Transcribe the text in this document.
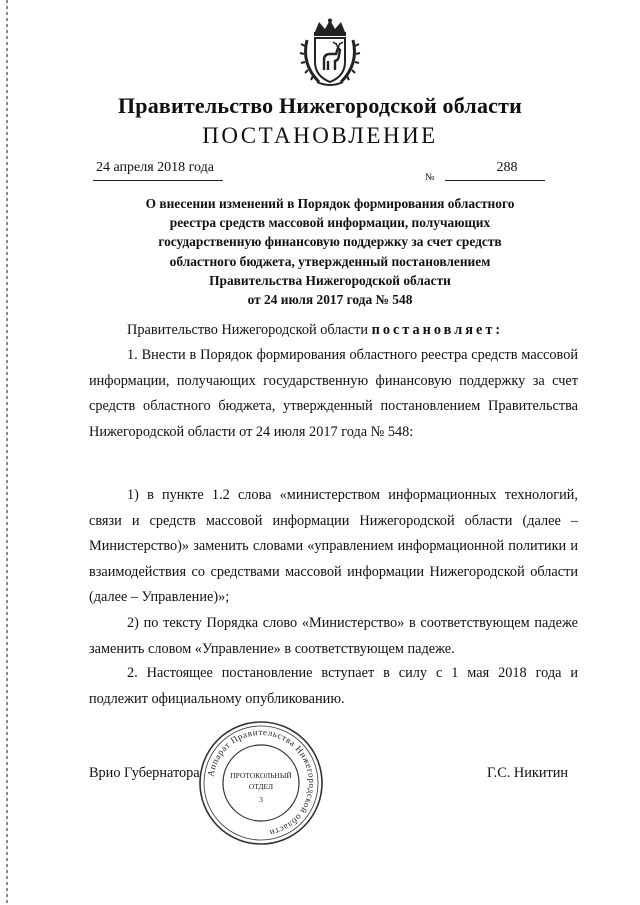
Правительство Нижегородской области
ПОСТАНОВЛЕНИЕ
24 апреля 2018 года
№
288
О внесении изменений в Порядок формирования областного
реестра средств массовой информации, получающих
государственную финансовую поддержку за счет средств
областного бюджета, утвержденный постановлением
Правительства Нижегородской области
от 24 июля 2017 года № 548

Правительство Нижегородской области постановляет:

1. Внести в Порядок формирования областного реестра средств массовой информации, получающих государственную финансовую поддержку за счет средств областного бюджета, утвержденный постановлением Правительства Нижегородской области от 24 июля 2017 года № 548:

1) в пункте 1.2 слова «министерством информационных технологий, связи и средств массовой информации Нижегородской области (далее – Министерство)» заменить словами «управлением информационной политики и взаимодействия со средствами массовой информации Нижегородской области (далее – Управление)»;

2) по тексту Порядка слово «Министерство» в соответствующем падеже заменить словом «Управление» в соответствующем падеже.

2. Настоящее постановление вступает в силу с 1 мая 2018 года и подлежит официальному опубликованию.

Врио Губернатора	Г.С. Никитин
Аппарат Правительства Нижегородской области
ПРОТОКОЛЬНЫЙ
ОТДЕЛ
3
